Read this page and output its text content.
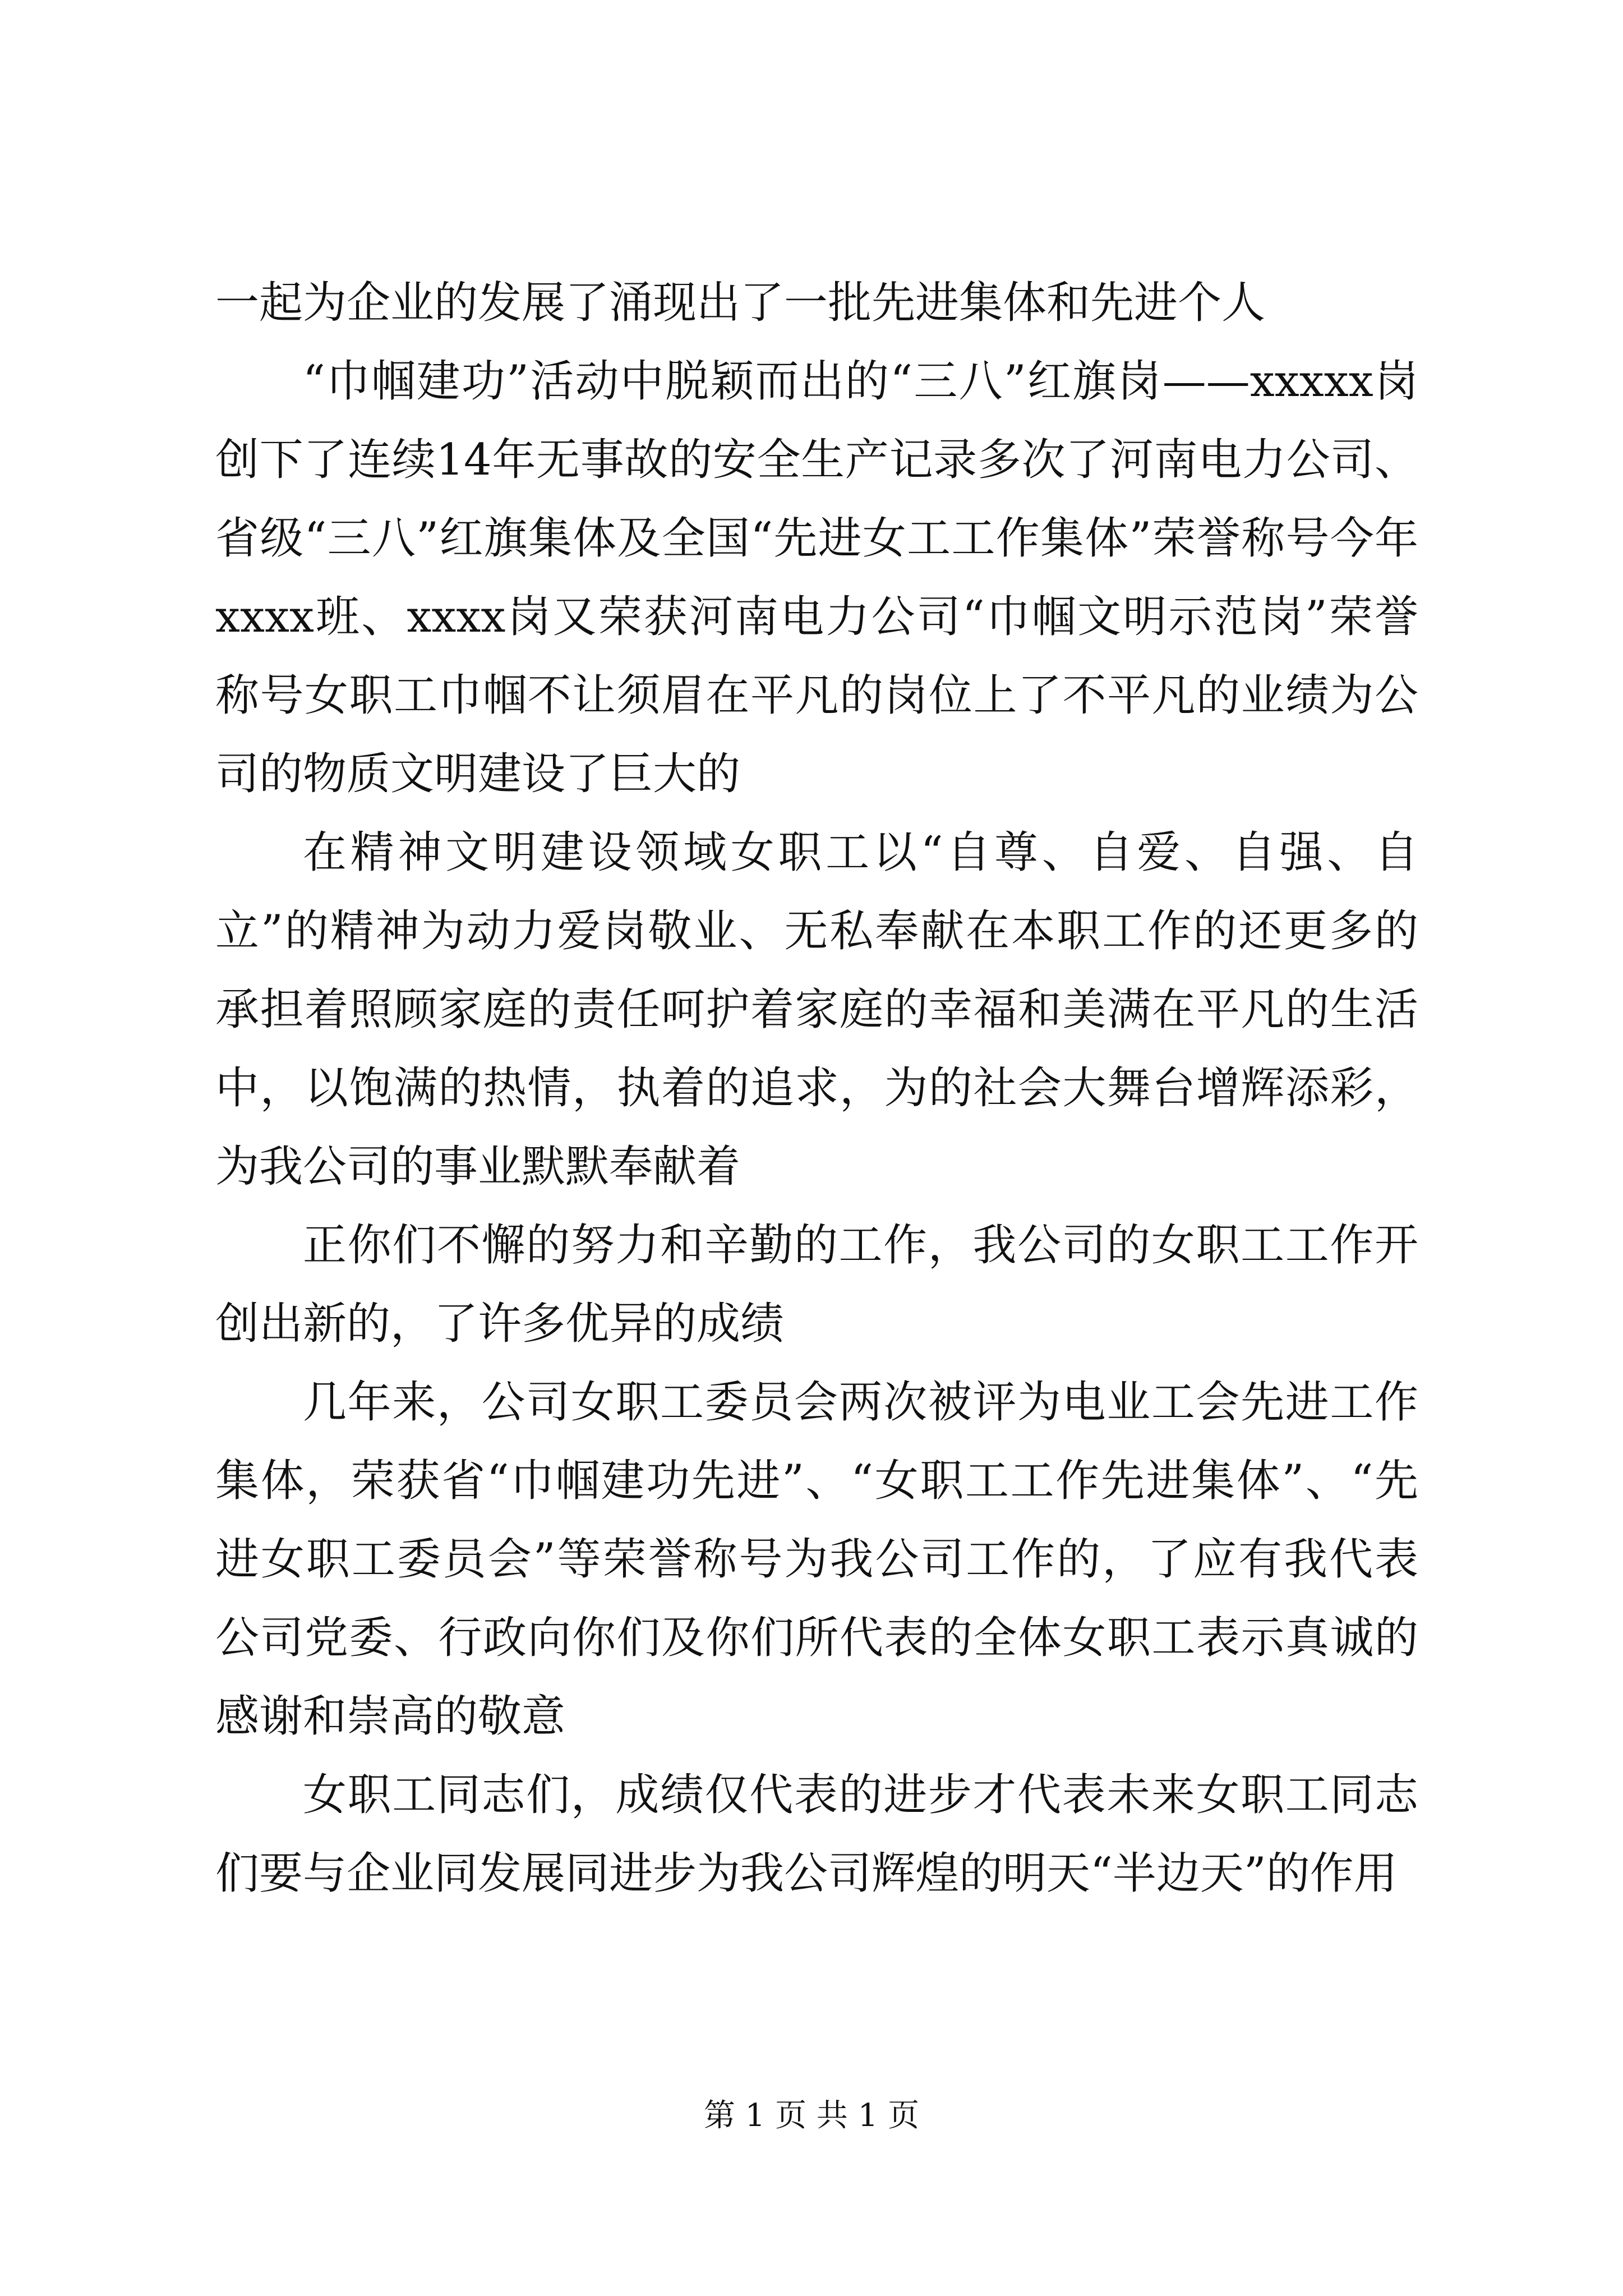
一起为企业的发展了涌现出了一批先进集体和先进个人

“巾帼建功”活动中脱颖而出的“三八”红旗岗——xxxxx岗创下了连续14年无事故的安全生产记录多次了河南电力公司、省级“三八”红旗集体及全国“先进女工工作集体”荣誉称号今年xxxx班、xxxx岗又荣获河南电力公司“巾帼文明示范岗”荣誉称号女职工巾帼不让须眉在平凡的岗位上了不平凡的业绩为公司的物质文明建设了巨大的

在精神文明建设领域女职工以“自尊、自爱、自强、自立”的精神为动力爱岗敬业、无私奉献在本职工作的还更多的承担着照顾家庭的责任呵护着家庭的幸福和美满在平凡的生活中，以饱满的热情，执着的追求，为的社会大舞台增辉添彩，为我公司的事业默默奉献着

正你们不懈的努力和辛勤的工作，我公司的女职工工作开创出新的，了许多优异的成绩

几年来，公司女职工委员会两次被评为电业工会先进工作集体，荣获省“巾帼建功先进”、“女职工工作先进集体”、“先进女职工委员会”等荣誉称号为我公司工作的，了应有我代表公司党委、行政向你们及你们所代表的全体女职工表示真诚的感谢和崇高的敬意

女职工同志们，成绩仅代表的进步才代表未来女职工同志们要与企业同发展同进步为我公司辉煌的明天“半边天”的作用

第 1 页 共 1 页
